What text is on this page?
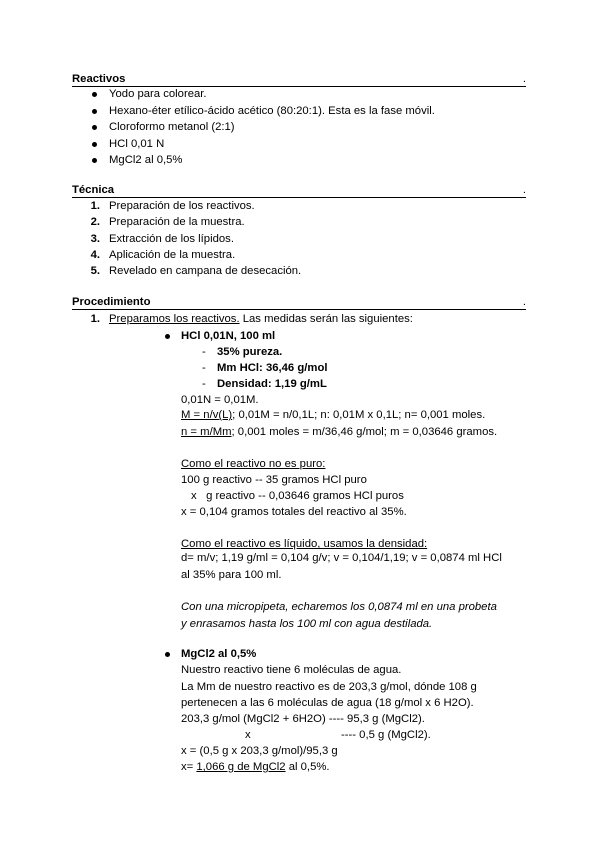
Reactivos	.
Yodo para colorear.
Hexano-éter etílico-ácido acético (80:20:1). Esta es la fase móvil.
Cloroformo metanol (2:1)
HCl 0,01 N
MgCl2 al 0,5%
Técnica	.
1. Preparación de los reactivos.
2. Preparación de la muestra.
3. Extracción de los lípidos.
4. Aplicación de la muestra.
5. Revelado en campana de desecación.
Procedimiento	.
1. Preparamos los reactivos. Las medidas serán las siguientes:
HCl 0,01N, 100 ml
- 35% pureza.
- Mm HCl: 36,46 g/mol
- Densidad: 1,19 g/mL
0,01N = 0,01M.
M = n/v(L); 0,01M = n/0,1L; n: 0,01M x 0,1L; n= 0,001 moles.
n = m/Mm; 0,001 moles = m/36,46 g/mol; m = 0,03646 gramos.
Como el reactivo no es puro:
100 g reactivo -- 35 gramos HCl puro
x   g reactivo -- 0,03646 gramos HCl puros
x = 0,104 gramos totales del reactivo al 35%.
Como el reactivo es líquido, usamos la densidad:
d= m/v; 1,19 g/ml = 0,104 g/v; v = 0,104/1,19; v = 0,0874 ml HCl
al 35% para 100 ml.
Con una micropipeta, echaremos los 0,0874 ml en una probeta
y enrasamos hasta los 100 ml con agua destilada.
MgCl2 al 0,5%
Nuestro reactivo tiene 6 moléculas de agua.
La Mm de nuestro reactivo es de 203,3 g/mol, dónde 108 g
pertenecen a las 6 moléculas de agua (18 g/mol x 6 H2O).
203,3 g/mol (MgCl2 + 6H2O) ---- 95,3 g (MgCl2).
x	---- 0,5 g (MgCl2).
x = (0,5 g x 203,3 g/mol)/95,3 g
x= 1,066 g de MgCl2 al 0,5%.
